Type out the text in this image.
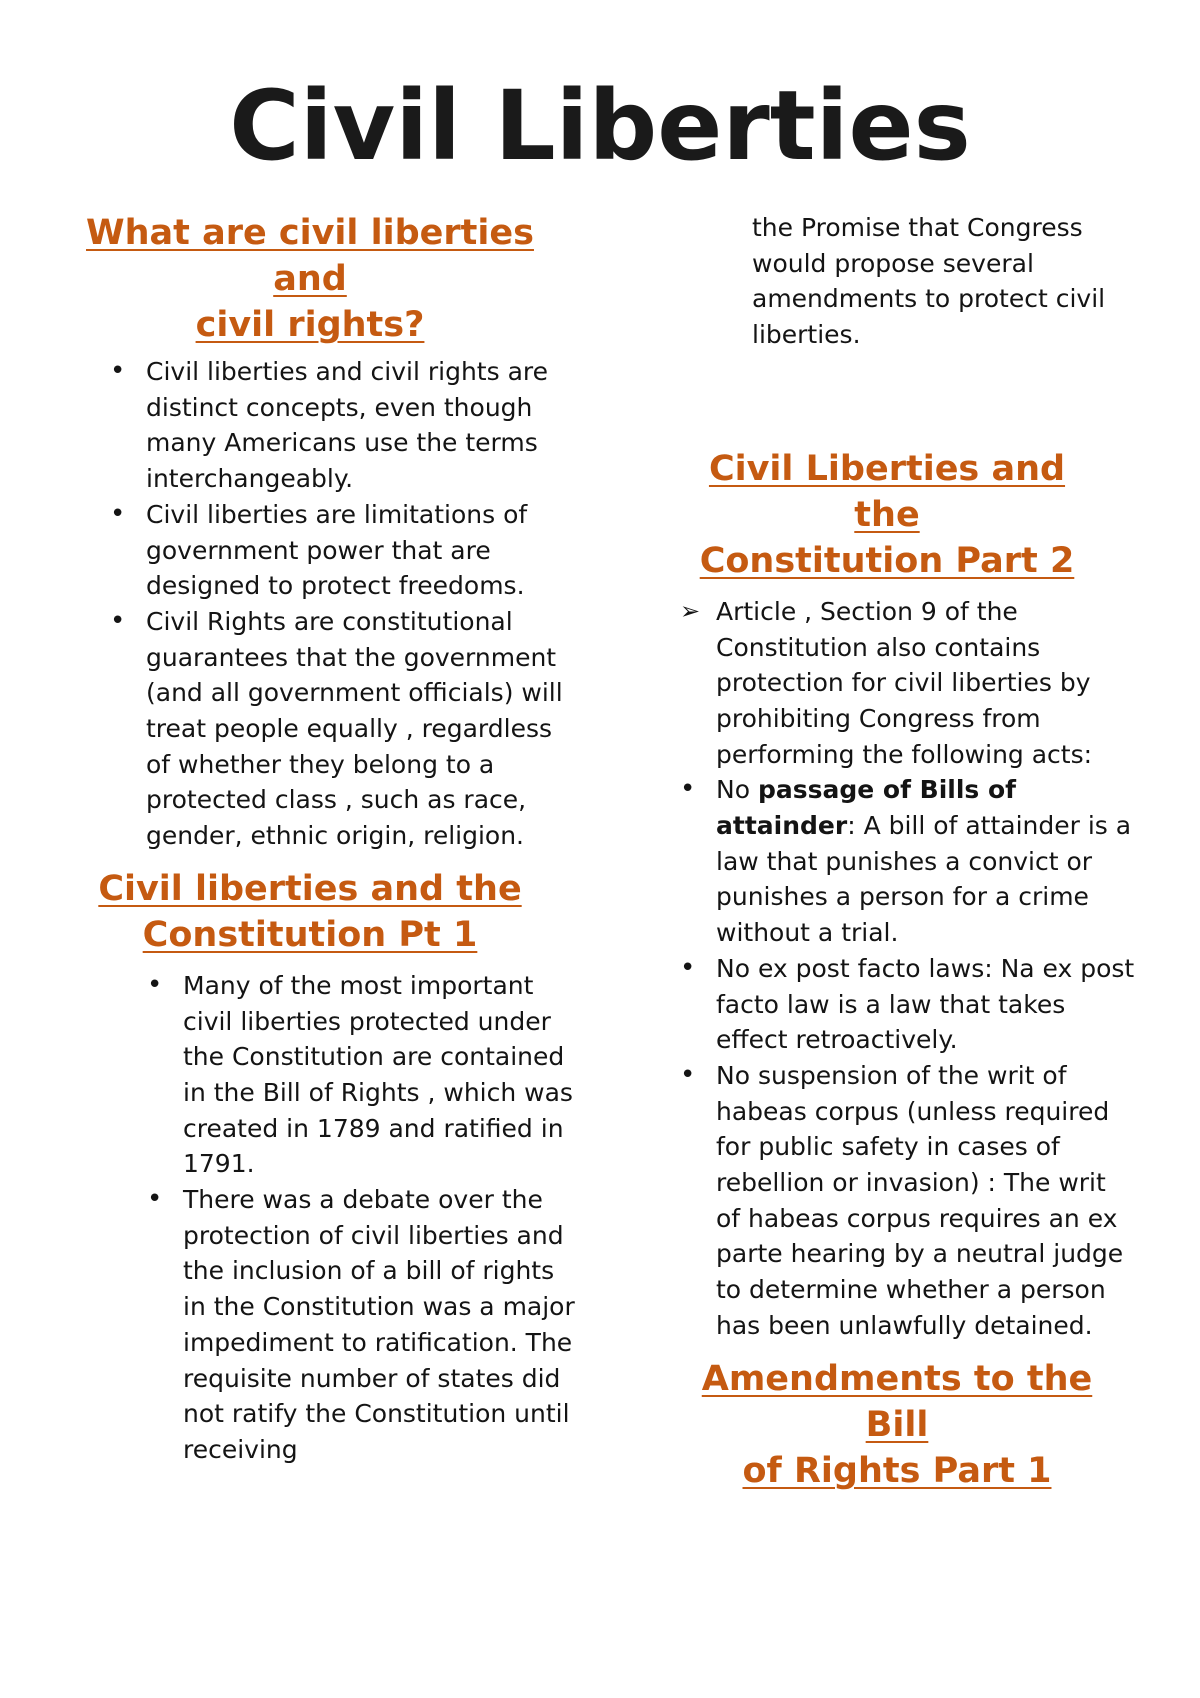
Civil Liberties
What are civil liberties and
civil rights?
• Civil liberties and civil rights are distinct concepts, even though many Americans use the terms interchangeably.
• Civil liberties are limitations of government power that are designed to protect freedoms.
• Civil Rights are constitutional guarantees that the government (and all government officials) will treat people equally , regardless of whether they belong to a protected class , such as race, gender, ethnic origin, religion.
Civil liberties and the
Constitution Pt 1
• Many of the most important civil liberties protected under the Constitution are contained in the Bill of Rights , which was created in 1789 and ratified in 1791.
• There was a debate over the protection of civil liberties and the inclusion of a bill of rights in the Constitution was a major impediment to ratification. The requisite number of states did not ratify the Constitution until receiving

the Promise that Congress would propose several amendments to protect civil liberties.

Civil Liberties and the
Constitution Part 2
➢ Article , Section 9 of the Constitution also contains protection for civil liberties by prohibiting Congress from performing the following acts:
• No passage of Bills of attainder: A bill of attainder is a law that punishes a convict or punishes a person for a crime without a trial.
• No ex post facto laws: Na ex post facto law is a law that takes effect retroactively.
• No suspension of the writ of habeas corpus (unless required for public safety in cases of rebellion or invasion) : The writ of habeas corpus requires an ex parte hearing by a neutral judge to determine whether a person has been unlawfully detained.
Amendments to the Bill
of Rights Part 1
